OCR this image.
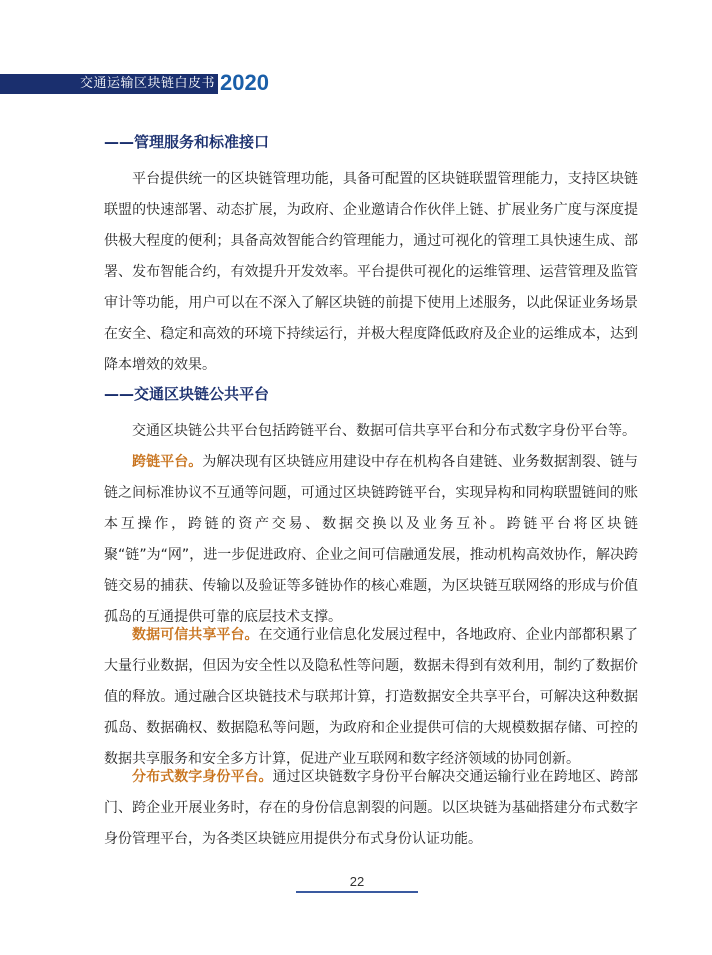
交通运输区块链白皮书 2020
——管理服务和标准接口

平台提供统一的区块链管理功能，具备可配置的区块链联盟管理能力，支持区块链联盟的快速部署、动态扩展，为政府、企业邀请合作伙伴上链、扩展业务广度与深度提供极大程度的便利；具备高效智能合约管理能力，通过可视化的管理工具快速生成、部署、发布智能合约，有效提升开发效率。平台提供可视化的运维管理、运营管理及监管审计等功能，用户可以在不深入了解区块链的前提下使用上述服务，以此保证业务场景在安全、稳定和高效的环境下持续运行，并极大程度降低政府及企业的运维成本，达到降本增效的效果。

——交通区块链公共平台

交通区块链公共平台包括跨链平台、数据可信共享平台和分布式数字身份平台等。

跨链平台。为解决现有区块链应用建设中存在机构各自建链、业务数据割裂、链与链之间标准协议不互通等问题，可通过区块链跨链平台，实现异构和同构联盟链间的账本互操作，跨链的资产交易、数据交换以及业务互补。跨链平台将区块链聚“链”为“网”，进一步促进政府、企业之间可信融通发展，推动机构高效协作，解决跨链交易的捕获、传输以及验证等多链协作的核心难题，为区块链互联网络的形成与价值孤岛的互通提供可靠的底层技术支撑。

数据可信共享平台。在交通行业信息化发展过程中，各地政府、企业内部都积累了大量行业数据，但因为安全性以及隐私性等问题，数据未得到有效利用，制约了数据价值的释放。通过融合区块链技术与联邦计算，打造数据安全共享平台，可解决这种数据孤岛、数据确权、数据隐私等问题，为政府和企业提供可信的大规模数据存储、可控的数据共享服务和安全多方计算，促进产业互联网和数字经济领域的协同创新。

分布式数字身份平台。通过区块链数字身份平台解决交通运输行业在跨地区、跨部门、跨企业开展业务时，存在的身份信息割裂的问题。以区块链为基础搭建分布式数字身份管理平台，为各类区块链应用提供分布式身份认证功能。

22
